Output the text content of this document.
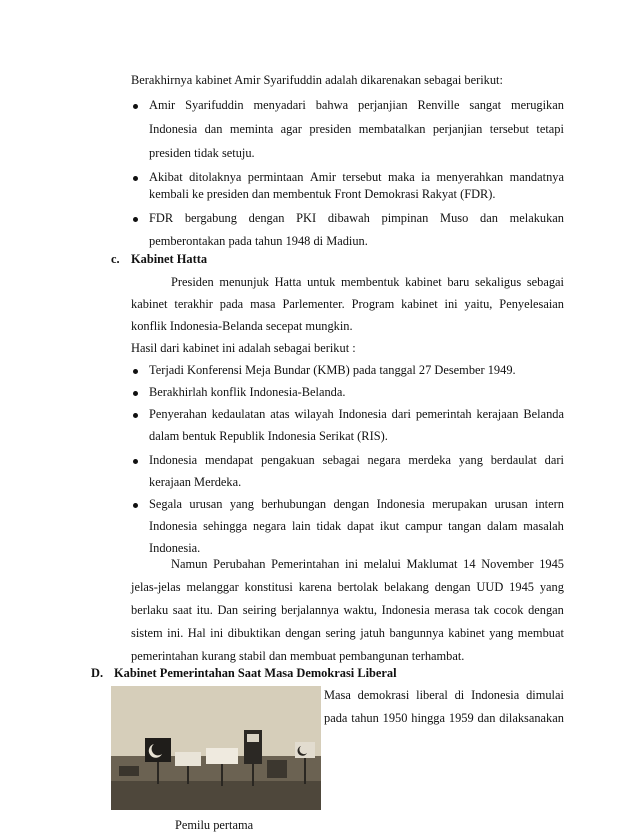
Berakhirnya kabinet Amir Syarifuddin adalah dikarenakan sebagai berikut:
Amir Syarifuddin menyadari bahwa perjanjian Renville sangat merugikan
Indonesia dan meminta agar presiden membatalkan perjanjian tersebut tetapi
presiden tidak setuju.
Akibat ditolaknya permintaan Amir tersebut maka ia menyerahkan mandatnya
kembali ke presiden dan membentuk Front Demokrasi Rakyat (FDR).
FDR bergabung dengan PKI dibawah pimpinan Muso dan melakukan
pemberontakan pada tahun 1948 di Madiun.
c. Kabinet Hatta
Presiden menunjuk Hatta untuk membentuk kabinet baru sekaligus sebagai
kabinet terakhir pada masa Parlementer. Program kabinet ini yaitu, Penyelesaian
konflik Indonesia-Belanda secepat mungkin.
Hasil dari kabinet ini adalah sebagai berikut :
Terjadi Konferensi Meja Bundar (KMB) pada tanggal 27 Desember 1949.
Berakhirlah konflik Indonesia-Belanda.
Penyerahan kedaulatan atas wilayah Indonesia dari pemerintah kerajaan Belanda
dalam bentuk Republik Indonesia Serikat (RIS).
Indonesia mendapat pengakuan sebagai negara merdeka yang berdaulat dari
kerajaan Merdeka.
Segala urusan yang berhubungan dengan Indonesia merupakan urusan intern
Indonesia sehingga negara lain tidak dapat ikut campur tangan dalam masalah
Indonesia.
Namun Perubahan Pemerintahan ini melalui Maklumat 14 November 1945
jelas-jelas melanggar konstitusi karena bertolak belakang dengan UUD 1945 yang
berlaku saat itu. Dan seiring berjalannya waktu, Indonesia merasa tak cocok dengan
sistem ini. Hal ini dibuktikan dengan sering jatuh bangunnya kabinet yang membuat
pemerintahan kurang stabil dan membuat pembangunan terhambat.
D. Kabinet Pemerintahan Saat Masa Demokrasi Liberal
Masa demokrasi liberal di Indonesia dimulai
pada tahun 1950 hingga 1959 dan dilaksanakan
Pemilu pertama
